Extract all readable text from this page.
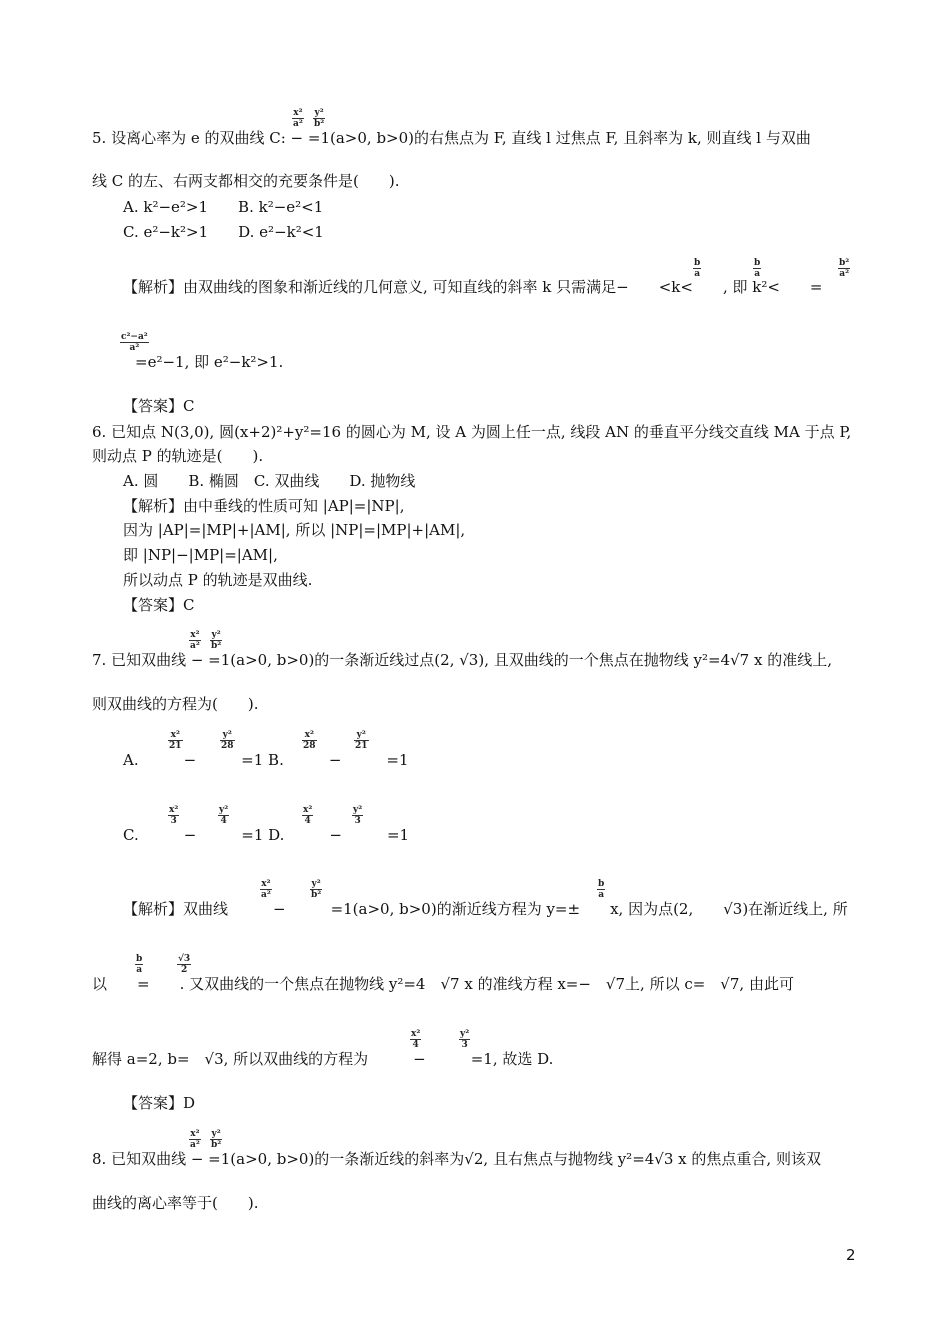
5. 设离心率为 e 的双曲线 C: − =1(a>0, b>0)的右焦点为 F, 直线 l 过焦点 F, 且斜率为 k, 则直线 l 与双曲
线 C 的左、右两支都相交的充要条件是(　　).
A. k²−e²>1　　B. k²−e²<1
C. e²−k²>1　　D. e²−k²<1
【解析】由双曲线的图象和渐近线的几何意义, 可知直线的斜率 k 只需满足−　　<k<　　, 即 k²<　　=
=e²−1, 即 e²−k²>1.
【答案】C
6. 已知点 N(3,0), 圆(x+2)²+y²=16 的圆心为 M, 设 A 为圆上任一点, 线段 AN 的垂直平分线交直线 MA 于点 P,
则动点 P 的轨迹是(　　).
A. 圆　　B. 椭圆　C. 双曲线　　D. 抛物线
【解析】由中垂线的性质可知 |AP|=|NP|,
因为 |AP|=|MP|+|AM|, 所以 |NP|=|MP|+|AM|,
即 |NP|−|MP|=|AM|,
所以动点 P 的轨迹是双曲线.
【答案】C
7. 已知双曲线 − =1(a>0, b>0)的一条渐近线过点(2, √3), 且双曲线的一个焦点在抛物线 y²=4√7 x 的准线上,
则双曲线的方程为(　　).
A.　　　−　　　=1 B.　　　−　　　=1
C.　　　−　　　=1 D.　　　−　　　=1
【解析】双曲线　　　−　　　=1(a>0, b>0)的渐近线方程为 y=±　　x, 因为点(2,　　√3)在渐近线上, 所
以　　=　　. 又双曲线的一个焦点在抛物线 y²=4　√7 x 的准线方程 x=−　√7上, 所以 c=　√7, 由此可
解得 a=2, b=　√3, 所以双曲线的方程为　　　−　　　=1, 故选 D.
【答案】D
8. 已知双曲线 − =1(a>0, b>0)的一条渐近线的斜率为√2, 且右焦点与抛物线 y²=4√3 x 的焦点重合, 则该双
曲线的离心率等于(　　).
$\frac{\text{x²}}{\text{a²}} \frac{\text{y²}}{\text{b²}}$
$\frac{b}{a}$	$\frac{b}{a}$	$\frac{\text{b²}}{\text{a²}}$
$\frac{\text{c²−a²}}{\text{a²}}$
$\frac{\text{x²}}{\text{a²}} \frac{\text{y²}}{\text{b²}}$
$\frac{\text{x²}}{21}$	$\frac{\text{y²}}{28}$	$\frac{\text{x²}}{28}$	$\frac{\text{y²}}{21}$
$\frac{\text{x²}}{3}$	$\frac{\text{y²}}{4}$	$\frac{\text{x²}}{4}$	$\frac{\text{y²}}{3}$
$\frac{\text{x²}}{\text{a²}}$	$\frac{\text{y²}}{\text{b²}}$	$\frac{b}{a}$
$\frac{b}{a}$	$\frac{√3}{2}$
$\frac{\text{x²}}{4}$	$\frac{\text{y²}}{3}$
$\frac{\text{x²}}{\text{a²}} \frac{\text{y²}}{\text{b²}}$
2
